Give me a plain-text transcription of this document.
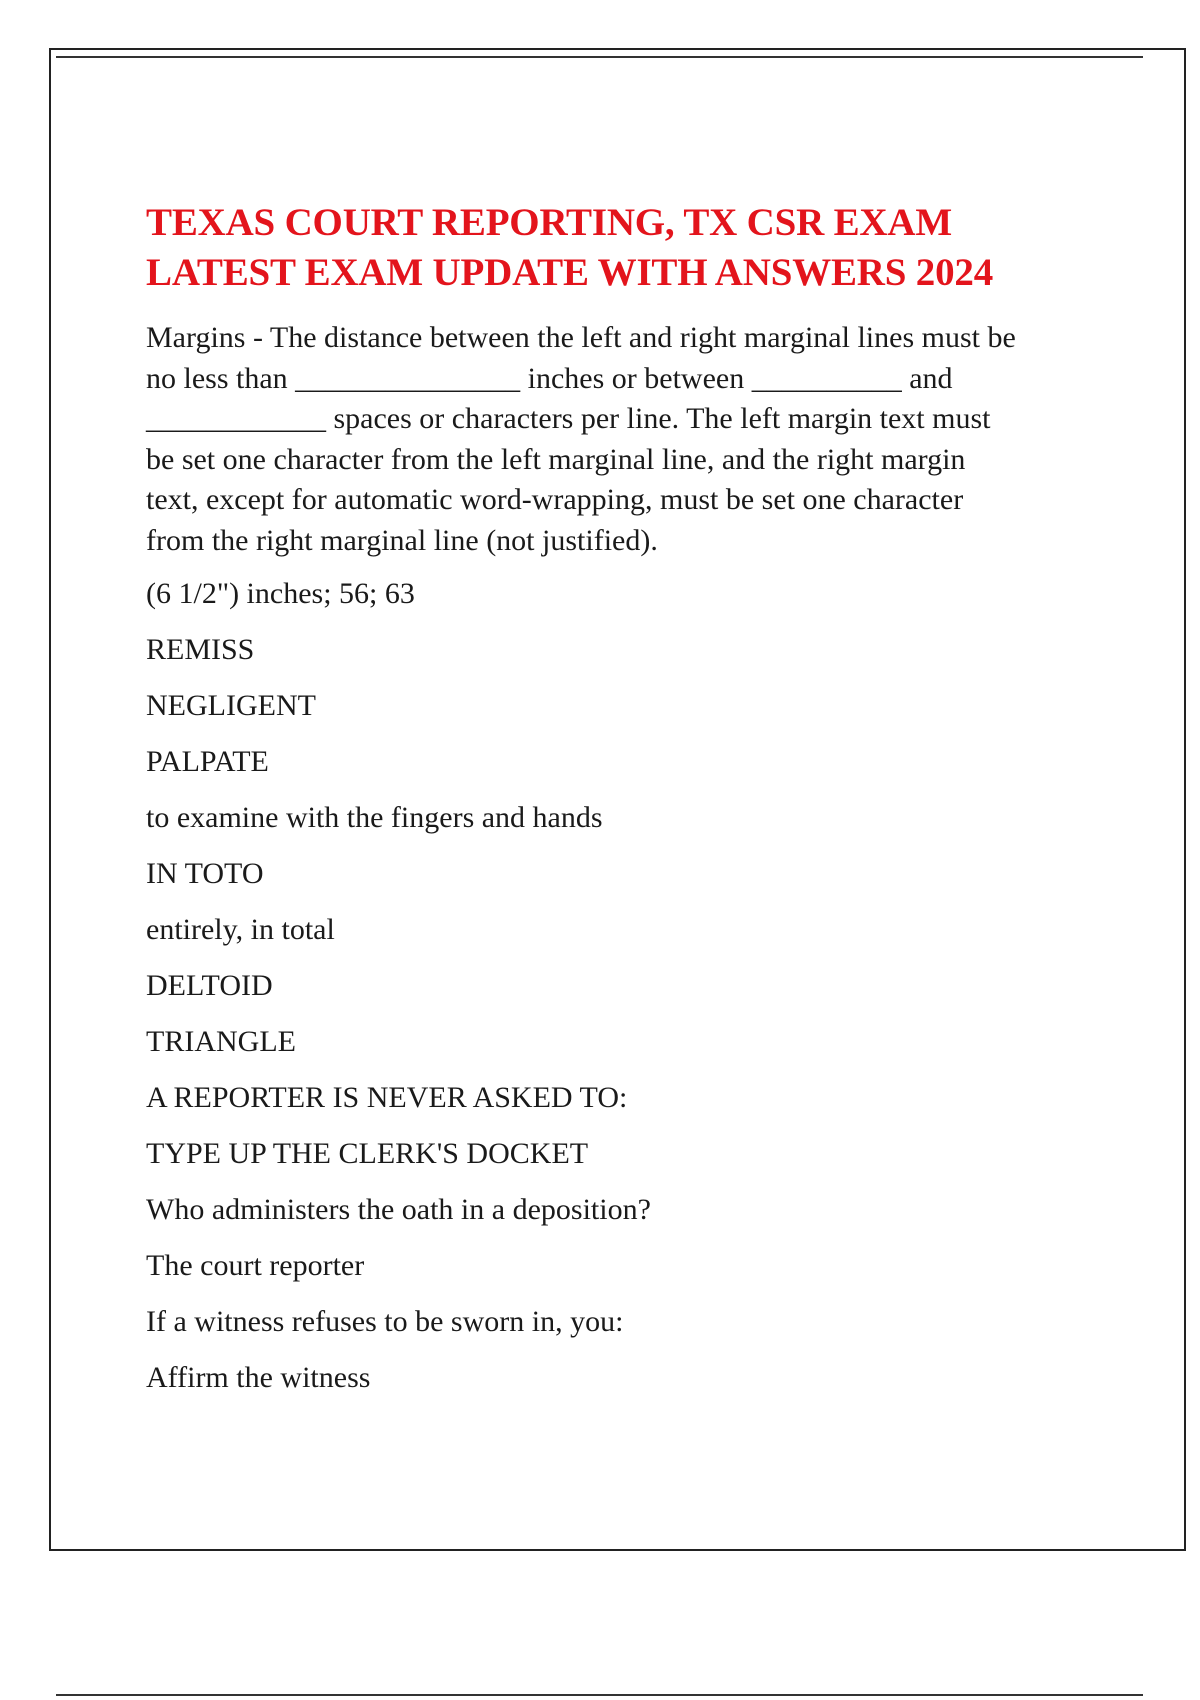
TEXAS COURT REPORTING, TX CSR EXAM
LATEST EXAM UPDATE WITH ANSWERS 2024

Margins - The distance between the left and right marginal lines must be
no less than _______________ inches or between __________ and
____________ spaces or characters per line. The left margin text must
be set one character from the left marginal line, and the right margin
text, except for automatic word-wrapping, must be set one character
from the right marginal line (not justified).

(6 1/2") inches; 56; 63

REMISS

NEGLIGENT

PALPATE

to examine with the fingers and hands

IN TOTO

entirely, in total

DELTOID

TRIANGLE

A REPORTER IS NEVER ASKED TO:

TYPE UP THE CLERK'S DOCKET

Who administers the oath in a deposition?

The court reporter

If a witness refuses to be sworn in, you:

Affirm the witness
